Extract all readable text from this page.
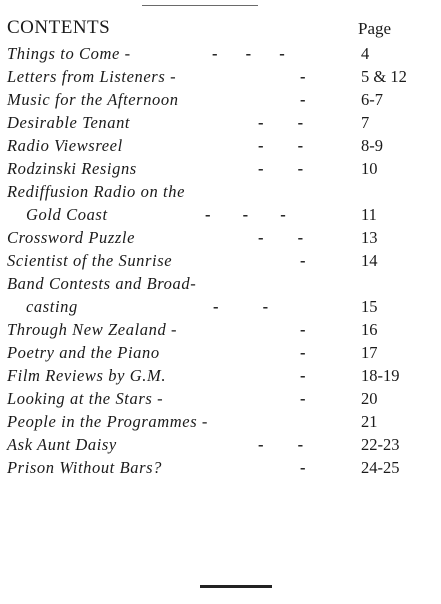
CONTENTS	Page
Things to Come -	- - -	4
Letters from Listeners -	-	5 & 12
Music for the Afternoon	-	6-7
Desirable Tenant	- -	7
Radio Viewsreel	- -	8-9
Rodzinski Resigns	- -	10
Rediffusion Radio on the
Gold Coast	- - -	11
Crossword Puzzle	- -	13
Scientist of the Sunrise	-	14
Band Contests and Broad-
casting	- -	15
Through New Zealand -	-	16
Poetry and the Piano	-	17
Film Reviews by G.M.	-	18-19
Looking at the Stars -	-	20
People in the Programmes -	21
Ask Aunt Daisy	- -	22-23
Prison Without Bars?	-	24-25
